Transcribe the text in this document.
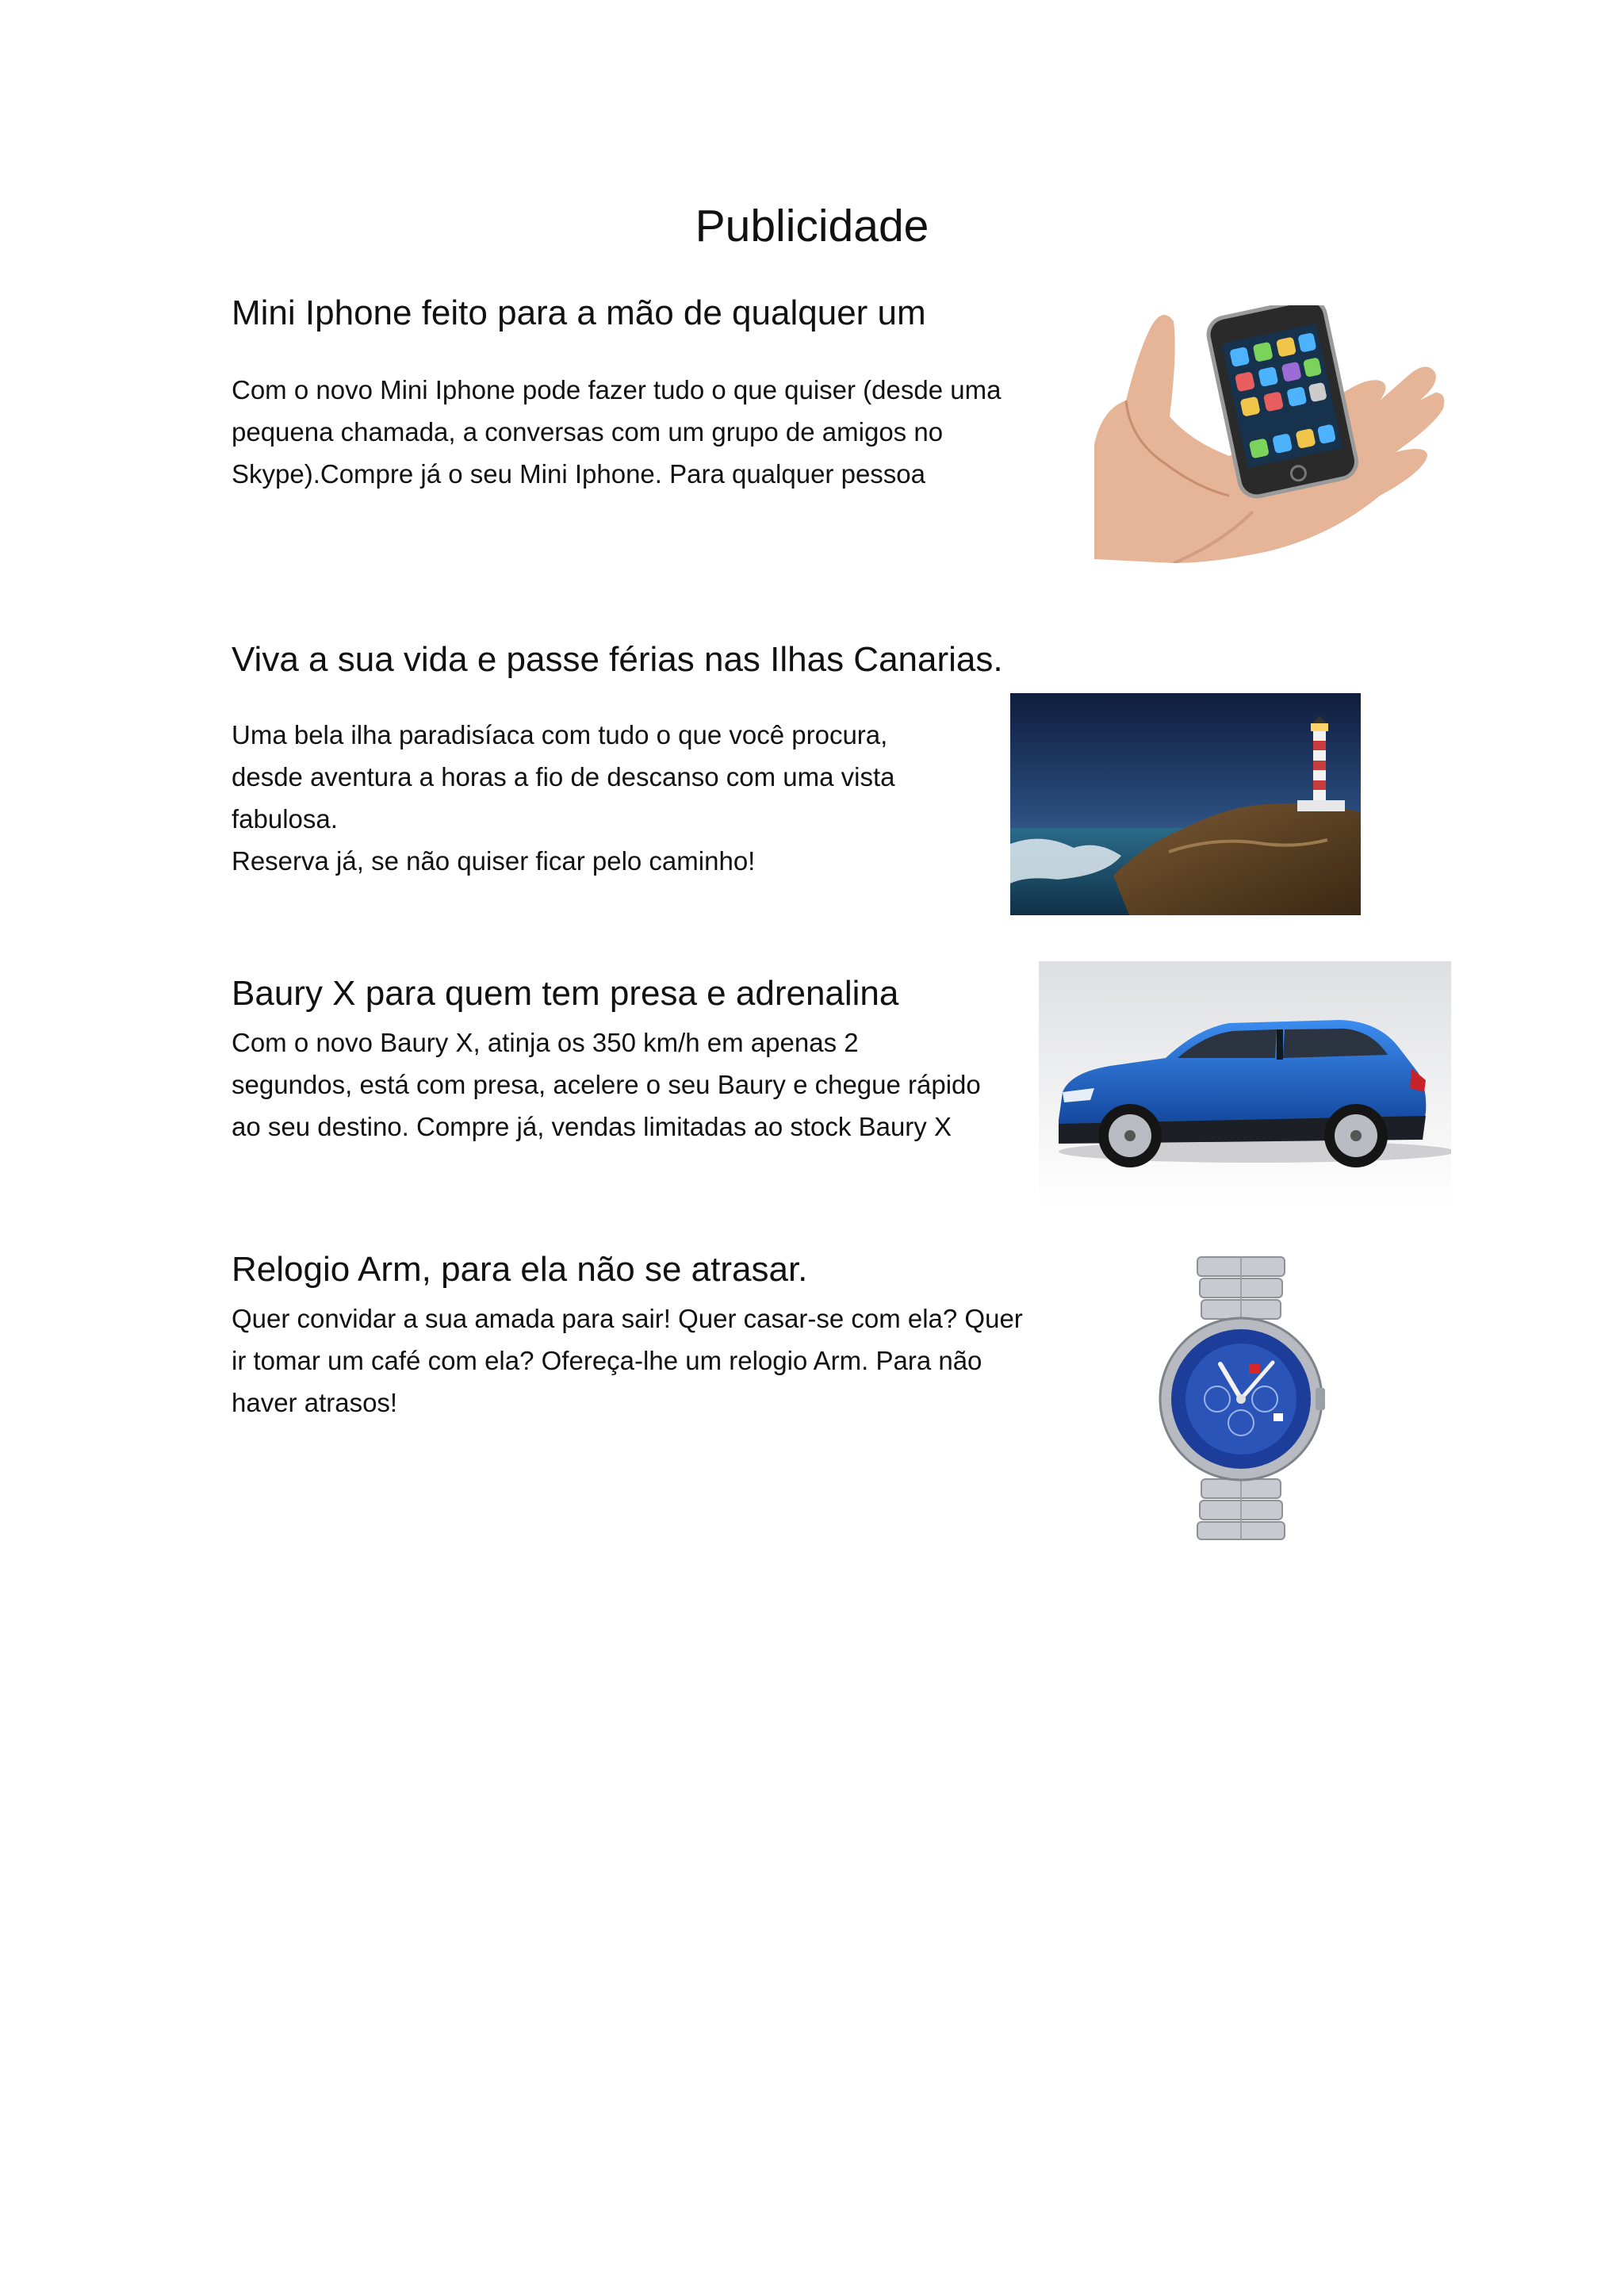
Publicidade
Mini Iphone feito para a mão de qualquer um

Com o novo Mini Iphone pode fazer tudo o que quiser (desde uma
pequena chamada, a conversas com um grupo de amigos no
Skype).Compre já o seu Mini Iphone. Para qualquer pessoa

Viva a sua vida e passe férias nas Ilhas Canarias.

Uma bela ilha paradisíaca com tudo o que você procura,
desde aventura a horas a fio de descanso com uma vista
fabulosa.
Reserva já, se não quiser ficar pelo caminho!

Baury X para quem tem presa e adrenalina

Com o novo Baury X, atinja os 350 km/h em apenas 2
segundos, está com presa, acelere o seu Baury e chegue rápido
ao seu destino. Compre já, vendas limitadas ao stock Baury X

Relogio Arm, para ela não se atrasar.

Quer convidar a sua amada para sair! Quer casar-se com ela? Quer
ir tomar um café com ela? Ofereça-lhe um relogio Arm. Para não
haver atrasos!
